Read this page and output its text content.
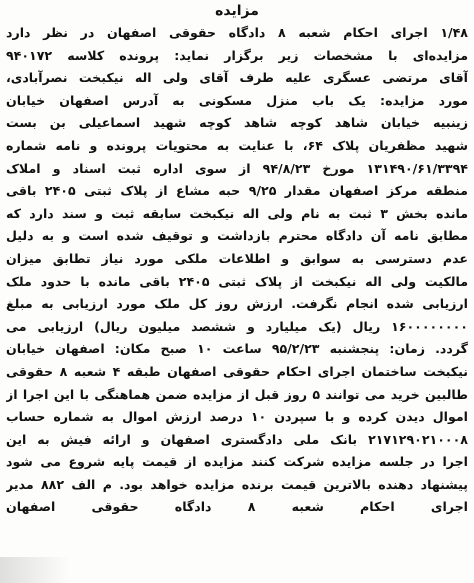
مزایده
۱/۴۸ اجرای احکام شعبه ۸ دادگاه حقوقی اصفهان در نظر دارد
مزایده‌ای با مشخصات زیر برگزار نماید: پرونده کلاسه ۹۴۰۱۷۲
آقای مرتضی عسگری علیه طرف آقای ولی اله نیکبخت نصرآبادی،
مورد مزایده: یک باب منزل مسکونی به آدرس اصفهان خیابان
زینبیه خیابان شاهد کوچه شاهد کوچه شهید اسماعیلی بن بست
شهید مظفریان پلاک ۶۴، با عنایت به محتویات پرونده و نامه شماره
۱۳۱۴۹۰/۶۱/۳۳۹۴ مورخ ۹۴/۸/۲۳ از سوی اداره ثبت اسناد و املاک
منطقه مرکز اصفهان مقدار ۹/۲۵ حبه مشاع از پلاک ثبتی ۲۴۰۵ باقی
مانده بخش ۳ ثبت به نام ولی اله نیکبخت سابقه ثبت و سند دارد که
مطابق نامه آن دادگاه محترم بازداشت و توقیف شده است و به دلیل
عدم دسترسی به سوابق و اطلاعات ملکی مورد نیاز تطابق میزان
مالکیت ولی اله نیکبخت از پلاک ثبتی ۲۴۰۵ باقی مانده با حدود ملک
ارزیابی شده انجام نگرفت. ارزش روز کل ملک مورد ارزیابی به مبلغ
۱۶۰۰۰۰۰۰۰۰ ریال (یک میلیارد و ششصد میلیون ریال) ارزیابی می
گردد. زمان: پنجشنبه ۹۵/۲/۲۳ ساعت ۱۰ صبح مکان: اصفهان خیابان
نیکبخت ساختمان اجرای احکام حقوقی اصفهان طبقه ۴ شعبه ۸ حقوقی
طالبین خرید می توانند ۵ روز قبل از مزایده ضمن هماهنگی با این اجرا از
اموال دیدن کرده و با سپردن ۱۰ درصد ارزش اموال به شماره حساب
۲۱۷۱۲۹۰۲۱۰۰۰۸ بانک ملی دادگستری اصفهان و ارائه فیش به این
اجرا در جلسه مزایده شرکت کنند مزایده از قیمت پایه شروع می شود
پیشنهاد دهنده بالاترین قیمت برنده مزایده خواهد بود. م الف ۸۸۲ مدیر
اجرای احکام شعبه ۸ دادگاه حقوقی اصفهان
